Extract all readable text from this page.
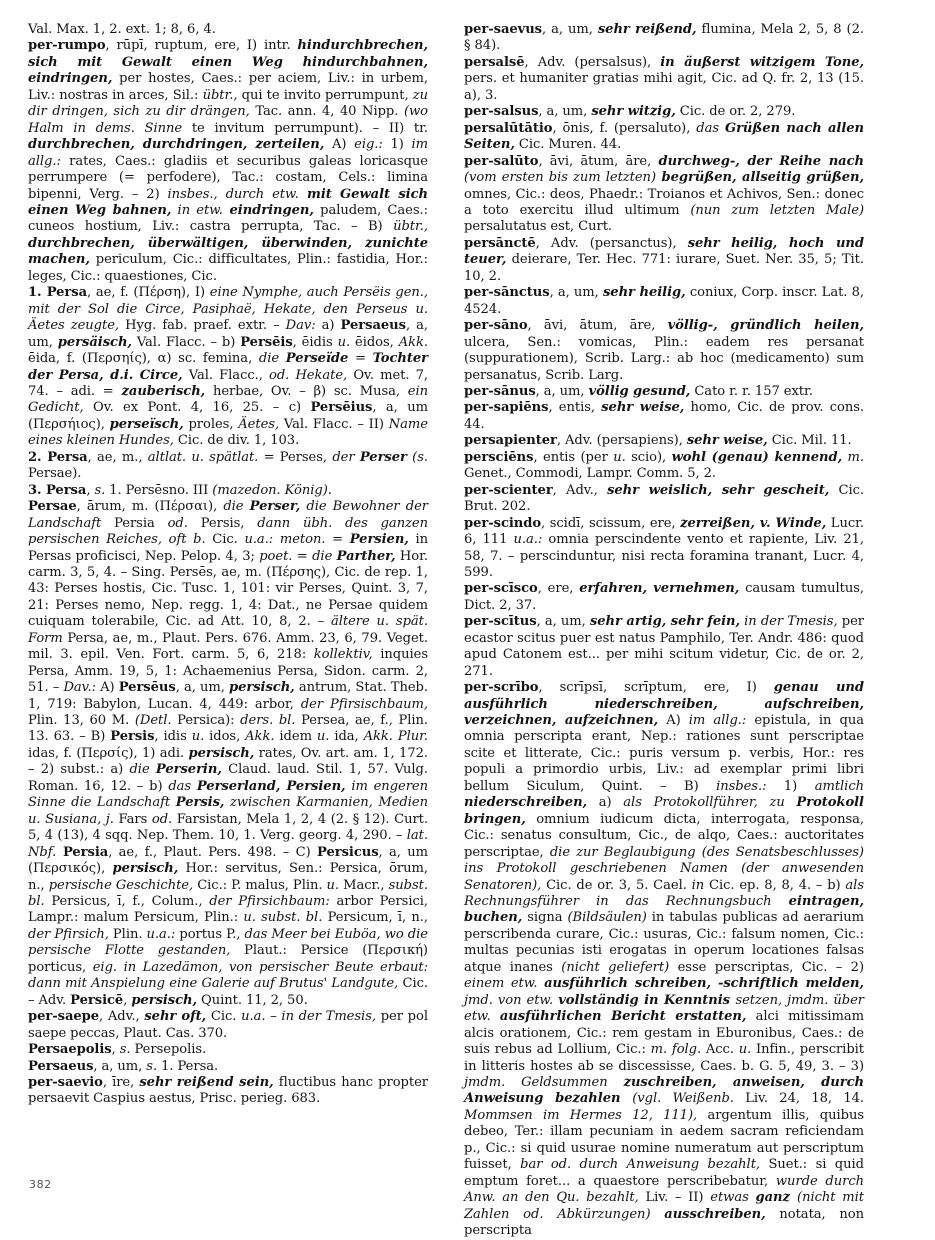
Val. Max. 1, 2. ext. 1; 8, 6, 4.

per-rumpo, rūpī, ruptum, ere, I) intr. hindurchbrechen, sich mit Gewalt einen Weg hindurchbahnen, eindringen, per hostes, Caes.: per aciem, Liv.: in urbem, Liv.: nostras in arces, Sil.: übtr., qui te invito perrumpunt, zu dir dringen, sich zu dir drängen, Tac. ann. 4, 40 Nipp. (wo Halm in dems. Sinne te invitum perrumpunt). – II) tr. durchbrechen, durchdringen, zerteilen, A) eig.: 1) im allg.: rates, Caes.: gladiis et securibus galeas loricasque perrumpere (= perfodere), Tac.: costam, Cels.: limina bipenni, Verg. – 2) insbes., durch etw. mit Gewalt sich einen Weg bahnen, in etw. eindringen, paludem, Caes.: cuneos hostium, Liv.: castra perrupta, Tac. – B) übtr., durchbrechen, überwältigen, überwinden, zunichte machen, periculum, Cic.: difficultates, Plin.: fastidia, Hor.: leges, Cic.: quaestiones, Cic.

1. Persa, ae, f. (Πέρση), I) eine Nymphe, auch Persëis gen., mit der Sol die Circe, Pasiphaë, Hekate, den Perseus u. Äetes zeugte, Hyg. fab. praef. extr. – Dav: a) Persaeus, a, um, persäisch, Val. Flacc. – b) Persēis, ēidis u. ēidos, Akk. ēida, f. (Περσηίς), α) sc. femina, die Perseïde = Tochter der Persa, d.i. Circe, Val. Flacc., od. Hekate, Ov. met. 7, 74. – adi. = zauberisch, herbae, Ov. – β) sc. Musa, ein Gedicht, Ov. ex Pont. 4, 16, 25. – c) Persēius, a, um (Περσήιος), perseïsch, proles, Äetes, Val. Flacc. – II) Name eines kleinen Hundes, Cic. de div. 1, 103.

2. Persa, ae, m., altlat. u. spätlat. = Perses, der Perser (s. Persae).

3. Persa, s. 1. Persēsno. III (mazedon. König).

Persae, ārum, m. (Πέρσαι), die Perser, die Bewohner der Landschaft Persia od. Persis, dann übh. des ganzen persischen Reiches, oft b. Cic. u.a.: meton. = Persien, in Persas proficisci, Nep. Pelop. 4, 3; poet. = die Parther, Hor. carm. 3, 5, 4. – Sing. Persēs, ae, m. (Πέρσης), Cic. de rep. 1, 43: Perses hostis, Cic. Tusc. 1, 101: vir Perses, Quint. 3, 7, 21: Perses nemo, Nep. regg. 1, 4: Dat., ne Persae quidem cuiquam tolerabile, Cic. ad Att. 10, 8, 2. – ältere u. spät. Form Persa, ae, m., Plaut. Pers. 676. Amm. 23, 6, 79. Veget. mil. 3. epil. Ven. Fort. carm. 5, 6, 218: kollektiv, inquies Persa, Amm. 19, 5, 1: Achaemenius Persa, Sidon. carm. 2, 51. – Dav.: A) Persēus, a, um, persisch, antrum, Stat. Theb. 1, 719: Babylon, Lucan. 4, 449: arbor, der Pfirsischbaum, Plin. 13, 60 M. (Detl. Persica): ders. bl. Persea, ae, f., Plin. 13. 63. – B) Persis, idis u. idos, Akk. idem u. ida, Akk. Plur. idas, f. (Περσίς), 1) adi. persisch, rates, Ov. art. am. 1, 172. – 2) subst.: a) die Perserin, Claud. laud. Stil. 1, 57. Vulg. Roman. 16, 12. – b) das Perserland, Persien, im engeren Sinne die Landschaft Persis, zwischen Karmanien, Medien u. Susiana, j. Fars od. Farsistan, Mela 1, 2, 4 (2. § 12). Curt. 5, 4 (13), 4 sqq. Nep. Them. 10, 1. Verg. georg. 4, 290. – lat. Nbf. Persia, ae, f., Plaut. Pers. 498. – C) Persicus, a, um (Περσικός), persisch, Hor.: servitus, Sen.: Persica, ōrum, n., persische Geschichte, Cic.: P. malus, Plin. u. Macr., subst. bl. Persicus, ī, f., Colum., der Pfirsichbaum: arbor Persici, Lampr.: malum Persicum, Plin.: u. subst. bl. Persicum, ī, n., der Pfirsich, Plin. u.a.: portus P., das Meer bei Euböa, wo die persische Flotte gestanden, Plaut.: Persice (Περσική) porticus, eig. in Lazedämon, von persischer Beute erbaut: dann mit Anspielung eine Galerie auf Brutus' Landgute, Cic. – Adv. Persicē, persisch, Quint. 11, 2, 50.

per-saepe, Adv., sehr oft, Cic. u.a. – in der Tmesis, per pol saepe peccas, Plaut. Cas. 370.

Persaepolis, s. Persepolis.

Persaeus, a, um, s. 1. Persa.

per-saevio, īre, sehr reißend sein, fluctibus hanc propter persaevit Caspius aestus, Prisc. perieg. 683.

per-saevus, a, um, sehr reißend, flumina, Mela 2, 5, 8 (2. § 84).

persalsē, Adv. (persalsus), in äußerst witzigem Tone, pers. et humaniter gratias mihi agit, Cic. ad Q. fr. 2, 13 (15. a), 3.

per-salsus, a, um, sehr witzig, Cic. de or. 2, 279.

persalūtātio, ōnis, f. (persaluto), das Grüßen nach allen Seiten, Cic. Muren. 44.

per-salūto, āvi, ātum, āre, durchweg-, der Reihe nach (vom ersten bis zum letzten) begrüßen, allseitig grüßen, omnes, Cic.: deos, Phaedr.: Troianos et Achivos, Sen.: donec a toto exercitu illud ultimum (nun zum letzten Male) persalutatus est, Curt.

persānctē, Adv. (persanctus), sehr heilig, hoch und teuer, deierare, Ter. Hec. 771: iurare, Suet. Ner. 35, 5; Tit. 10, 2.

per-sānctus, a, um, sehr heilig, coniux, Corp. inscr. Lat. 8, 4524.

per-sāno, āvi, ātum, āre, völlig-, gründlich heilen, ulcera, Sen.: vomicas, Plin.: eadem res persanat (suppurationem), Scrib. Larg.: ab hoc (medicamento) sum persanatus, Scrib. Larg.

per-sānus, a, um, völlig gesund, Cato r. r. 157 extr.

per-sapiēns, entis, sehr weise, homo, Cic. de prov. cons. 44.

persapienter, Adv. (persapiens), sehr weise, Cic. Mil. 11.

persciēns, entis (per u. scio), wohl (genau) kennend, m. Genet., Commodi, Lampr. Comm. 5, 2.

per-scienter, Adv., sehr weislich, sehr gescheit, Cic. Brut. 202.

per-scindo, scidī, scissum, ere, zerreißen, v. Winde, Lucr. 6, 111 u.a.: omnia perscindente vento et rapiente, Liv. 21, 58, 7. – perscinduntur, nisi recta foramina tranant, Lucr. 4, 599.

per-scīsco, ere, erfahren, vernehmen, causam tumultus, Dict. 2, 37.

per-scītus, a, um, sehr artig, sehr fein, in der Tmesis, per ecastor scitus puer est natus Pamphilo, Ter. Andr. 486: quod apud Catonem est... per mihi scitum videtur, Cic. de or. 2, 271.

per-scrībo, scrīpsī, scrīptum, ere, I) genau und ausführlich niederschreiben, aufschreiben, verzeichnen, aufzeichnen, A) im allg.: epistula, in qua omnia perscripta erant, Nep.: rationes sunt perscriptae scite et litterate, Cic.: puris versum p. verbis, Hor.: res populi a primordio urbis, Liv.: ad exemplar primi libri bellum Siculum, Quint. – B) insbes.: 1) amtlich niederschreiben, a) als Protokollführer, zu Protokoll bringen, omnium iudicum dicta, interrogata, responsa, Cic.: senatus consultum, Cic., de alqo, Caes.: auctoritates perscriptae, die zur Beglaubigung (des Senatsbeschlusses) ins Protokoll geschriebenen Namen (der anwesenden Senatoren), Cic. de or. 3, 5. Cael. in Cic. ep. 8, 8, 4. – b) als Rechnungsführer in das Rechnungsbuch eintragen, buchen, signa (Bildsäulen) in tabulas publicas ad aerarium perscribenda curare, Cic.: usuras, Cic.: falsum nomen, Cic.: multas pecunias isti erogatas in operum locationes falsas atque inanes (nicht geliefert) esse perscriptas, Cic. – 2) einem etw. ausführlich schreiben, -schriftlich melden, jmd. von etw. vollständig in Kenntnis setzen, jmdm. über etw. ausführlichen Bericht erstatten, alci mitissimam alcis orationem, Cic.: rem gestam in Eburonibus, Caes.: de suis rebus ad Lollium, Cic.: m. folg. Acc. u. Infin., perscribit in litteris hostes ab se discessisse, Caes. b. G. 5, 49, 3. – 3) jmdm. Geldsummen zuschreiben, anweisen, durch Anweisung bezahlen (vgl. Weißenb. Liv. 24, 18, 14. Mommsen im Hermes 12, 111), argentum illis, quibus debeo, Ter.: illam pecuniam in aedem sacram reficiendam p., Cic.: si quid usurae nomine numeratum aut perscriptum fuisset, bar od. durch Anweisung bezahlt, Suet.: si quid emptum foret... a quaestore perscribebatur, wurde durch Anw. an den Qu. bezahlt, Liv. – II) etwas ganz (nicht mit Zahlen od. Abkürzungen) ausschreiben, notata, non perscripta

382
